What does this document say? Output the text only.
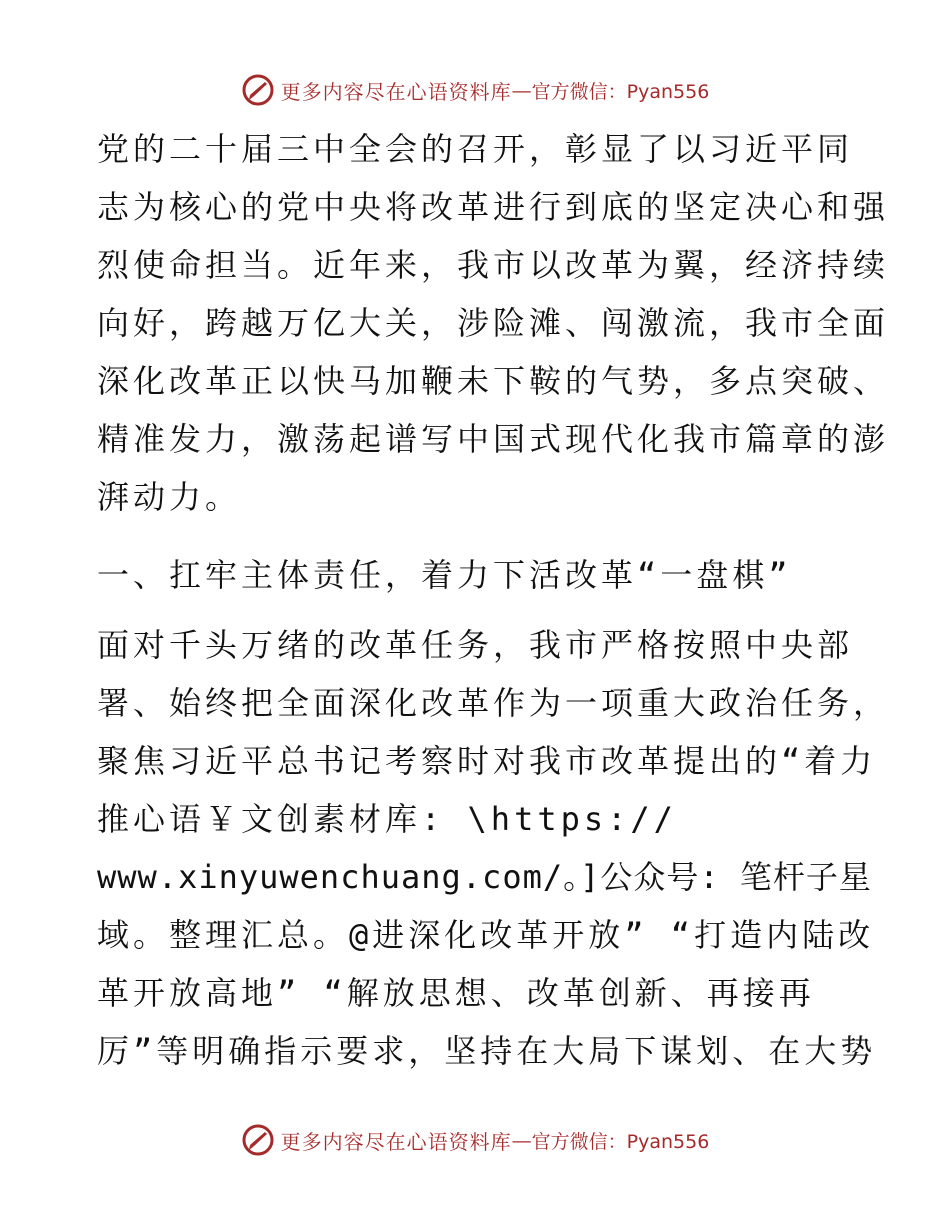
更多内容尽在心语资料库 — 官方微信：Pyan556
党的二十届三中全会的召开，彰显了以习近平同
志为核心的党中央将改革进行到底的坚定决心和强
烈使命担当。近年来，我市以改革为翼，经济持续
向好，跨越万亿大关，涉险滩、闯激流，我市全面
深化改革正以快马加鞭未下鞍的气势，多点突破、
精准发力，激荡起谱写中国式现代化我市篇章的澎
湃动力。
一、扛牢主体责任，着力下活改革“一盘棋”
面对千头万绪的改革任务，我市严格按照中央部
署、始终把全面深化改革作为一项重大政治任务，
聚焦习近平总书记考察时对我市改革提出的“着力
推心语￥文创素材库: \https://
www.xinyuwenchuang.com/。]公众号: 笔杆子星
域。整理汇总。@进深化改革开放” “打造内陆改
革开放高地” “解放思想、改革创新、再接再
厉”等明确指示要求，坚持在大局下谋划、在大势
更多内容尽在心语资料库 — 官方微信：Pyan556
